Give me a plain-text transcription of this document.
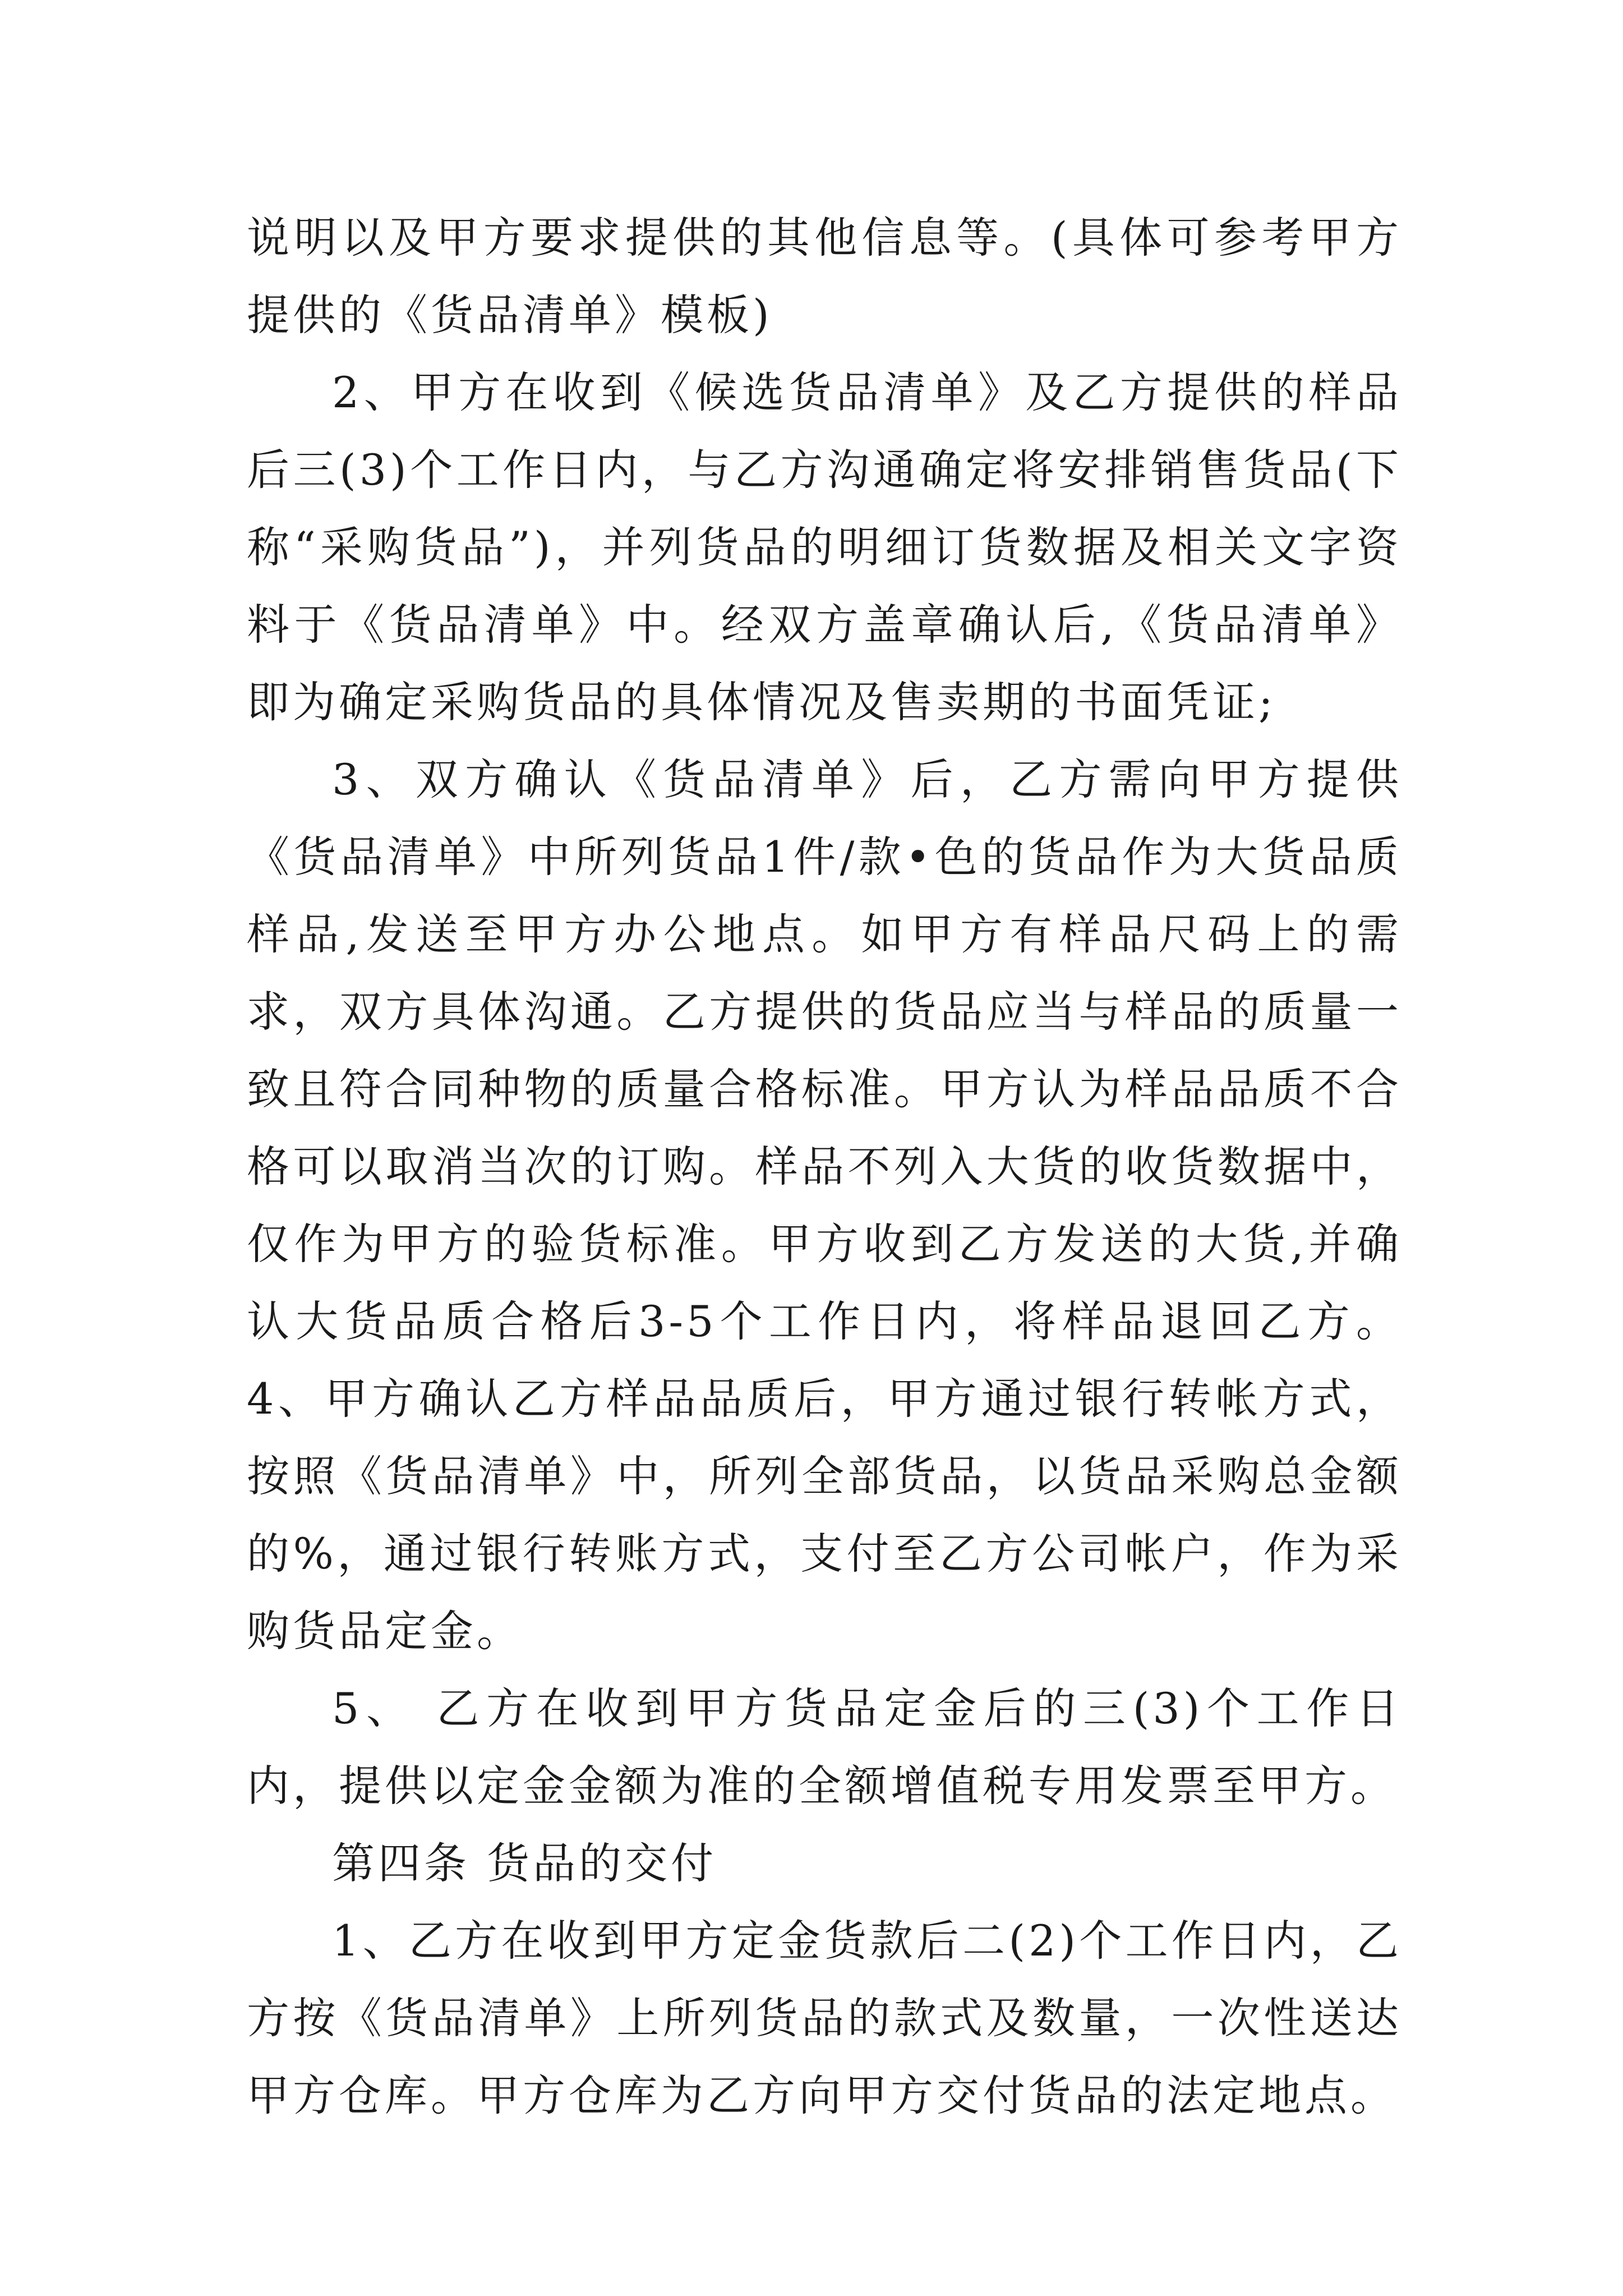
说明以及甲方要求提供的其他信息等。(具体可参考甲方提供的《货品清单》模板)

2、甲方在收到《候选货品清单》及乙方提供的样品后三(3)个工作日内，与乙方沟通确定将安排销售货品(下称“采购货品”)，并列货品的明细订货数据及相关文字资料于《货品清单》中。经双方盖章确认后,《货品清单》即为确定采购货品的具体情况及售卖期的书面凭证;

3、双方确认《货品清单》后，乙方需向甲方提供《货品清单》中所列货品1件/款•色的货品作为大货品质样品,发送至甲方办公地点。如甲方有样品尺码上的需求，双方具体沟通。乙方提供的货品应当与样品的质量一致且符合同种物的质量合格标准。甲方认为样品品质不合格可以取消当次的订购。样品不列入大货的收货数据中，仅作为甲方的验货标准。甲方收到乙方发送的大货,并确认大货品质合格后3-5个工作日内，将样品退回乙方。4、甲方确认乙方样品品质后，甲方通过银行转帐方式，按照《货品清单》中，所列全部货品，以货品采购总金额的%，通过银行转账方式，支付至乙方公司帐户，作为采购货品定金。

5、 乙方在收到甲方货品定金后的三(3)个工作日内，提供以定金金额为准的全额增值税专用发票至甲方。

第四条 货品的交付

1、乙方在收到甲方定金货款后二(2)个工作日内，乙方按《货品清单》上所列货品的款式及数量，一次性送达甲方仓库。甲方仓库为乙方向甲方交付货品的法定地点。
